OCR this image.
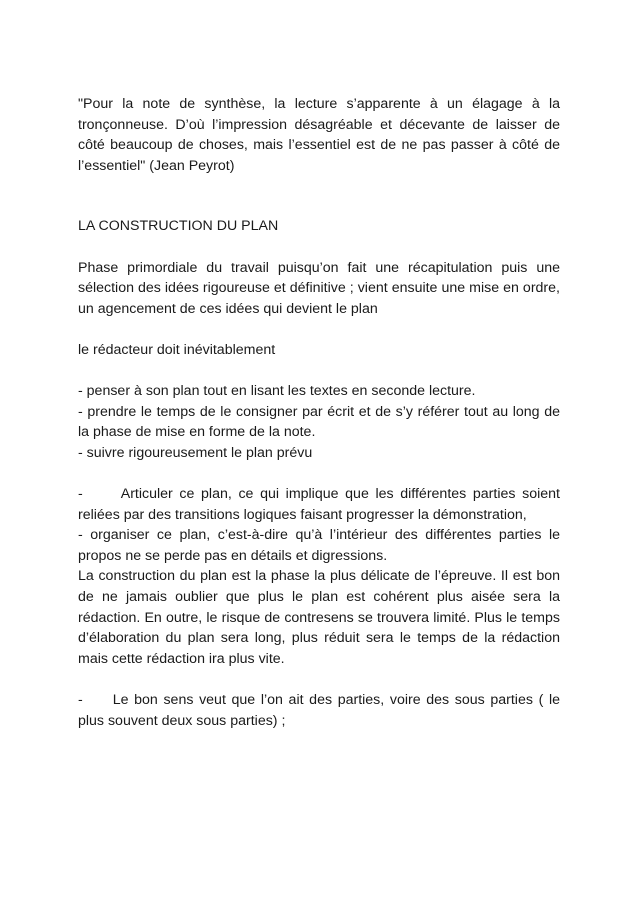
"Pour la note de synthèse, la lecture s’apparente à un élagage à la tronçonneuse. D’où l’impression désagréable et décevante de laisser de côté beaucoup de choses, mais l’essentiel est de ne pas passer à côté de l’essentiel" (Jean Peyrot)

LA CONSTRUCTION DU PLAN

Phase primordiale du travail puisqu’on fait une récapitulation puis une sélection des idées rigoureuse et définitive ; vient ensuite une mise en ordre, un agencement de ces idées qui devient le plan

le rédacteur doit inévitablement

- penser à son plan tout en lisant les textes en seconde lecture.

- prendre le temps de le consigner par écrit et de s’y référer tout au long de la phase de mise en forme de la note.

- suivre rigoureusement le plan prévu

-	Articuler ce plan, ce qui implique que les différentes parties soient reliées par des transitions logiques faisant progresser la démonstration,

- organiser ce plan, c’est-à-dire qu’à l’intérieur des différentes parties le propos ne se perde pas en détails et digressions.

La construction du plan est la phase la plus délicate de l’épreuve. Il est bon de ne jamais oublier que plus le plan est cohérent plus aisée sera la rédaction. En outre, le risque de contresens se trouvera limité. Plus le temps d’élaboration du plan sera long, plus réduit sera le temps de la rédaction mais cette rédaction ira plus vite.

- Le bon sens veut que l’on ait des parties, voire des sous parties ( le plus souvent deux sous parties) ;
